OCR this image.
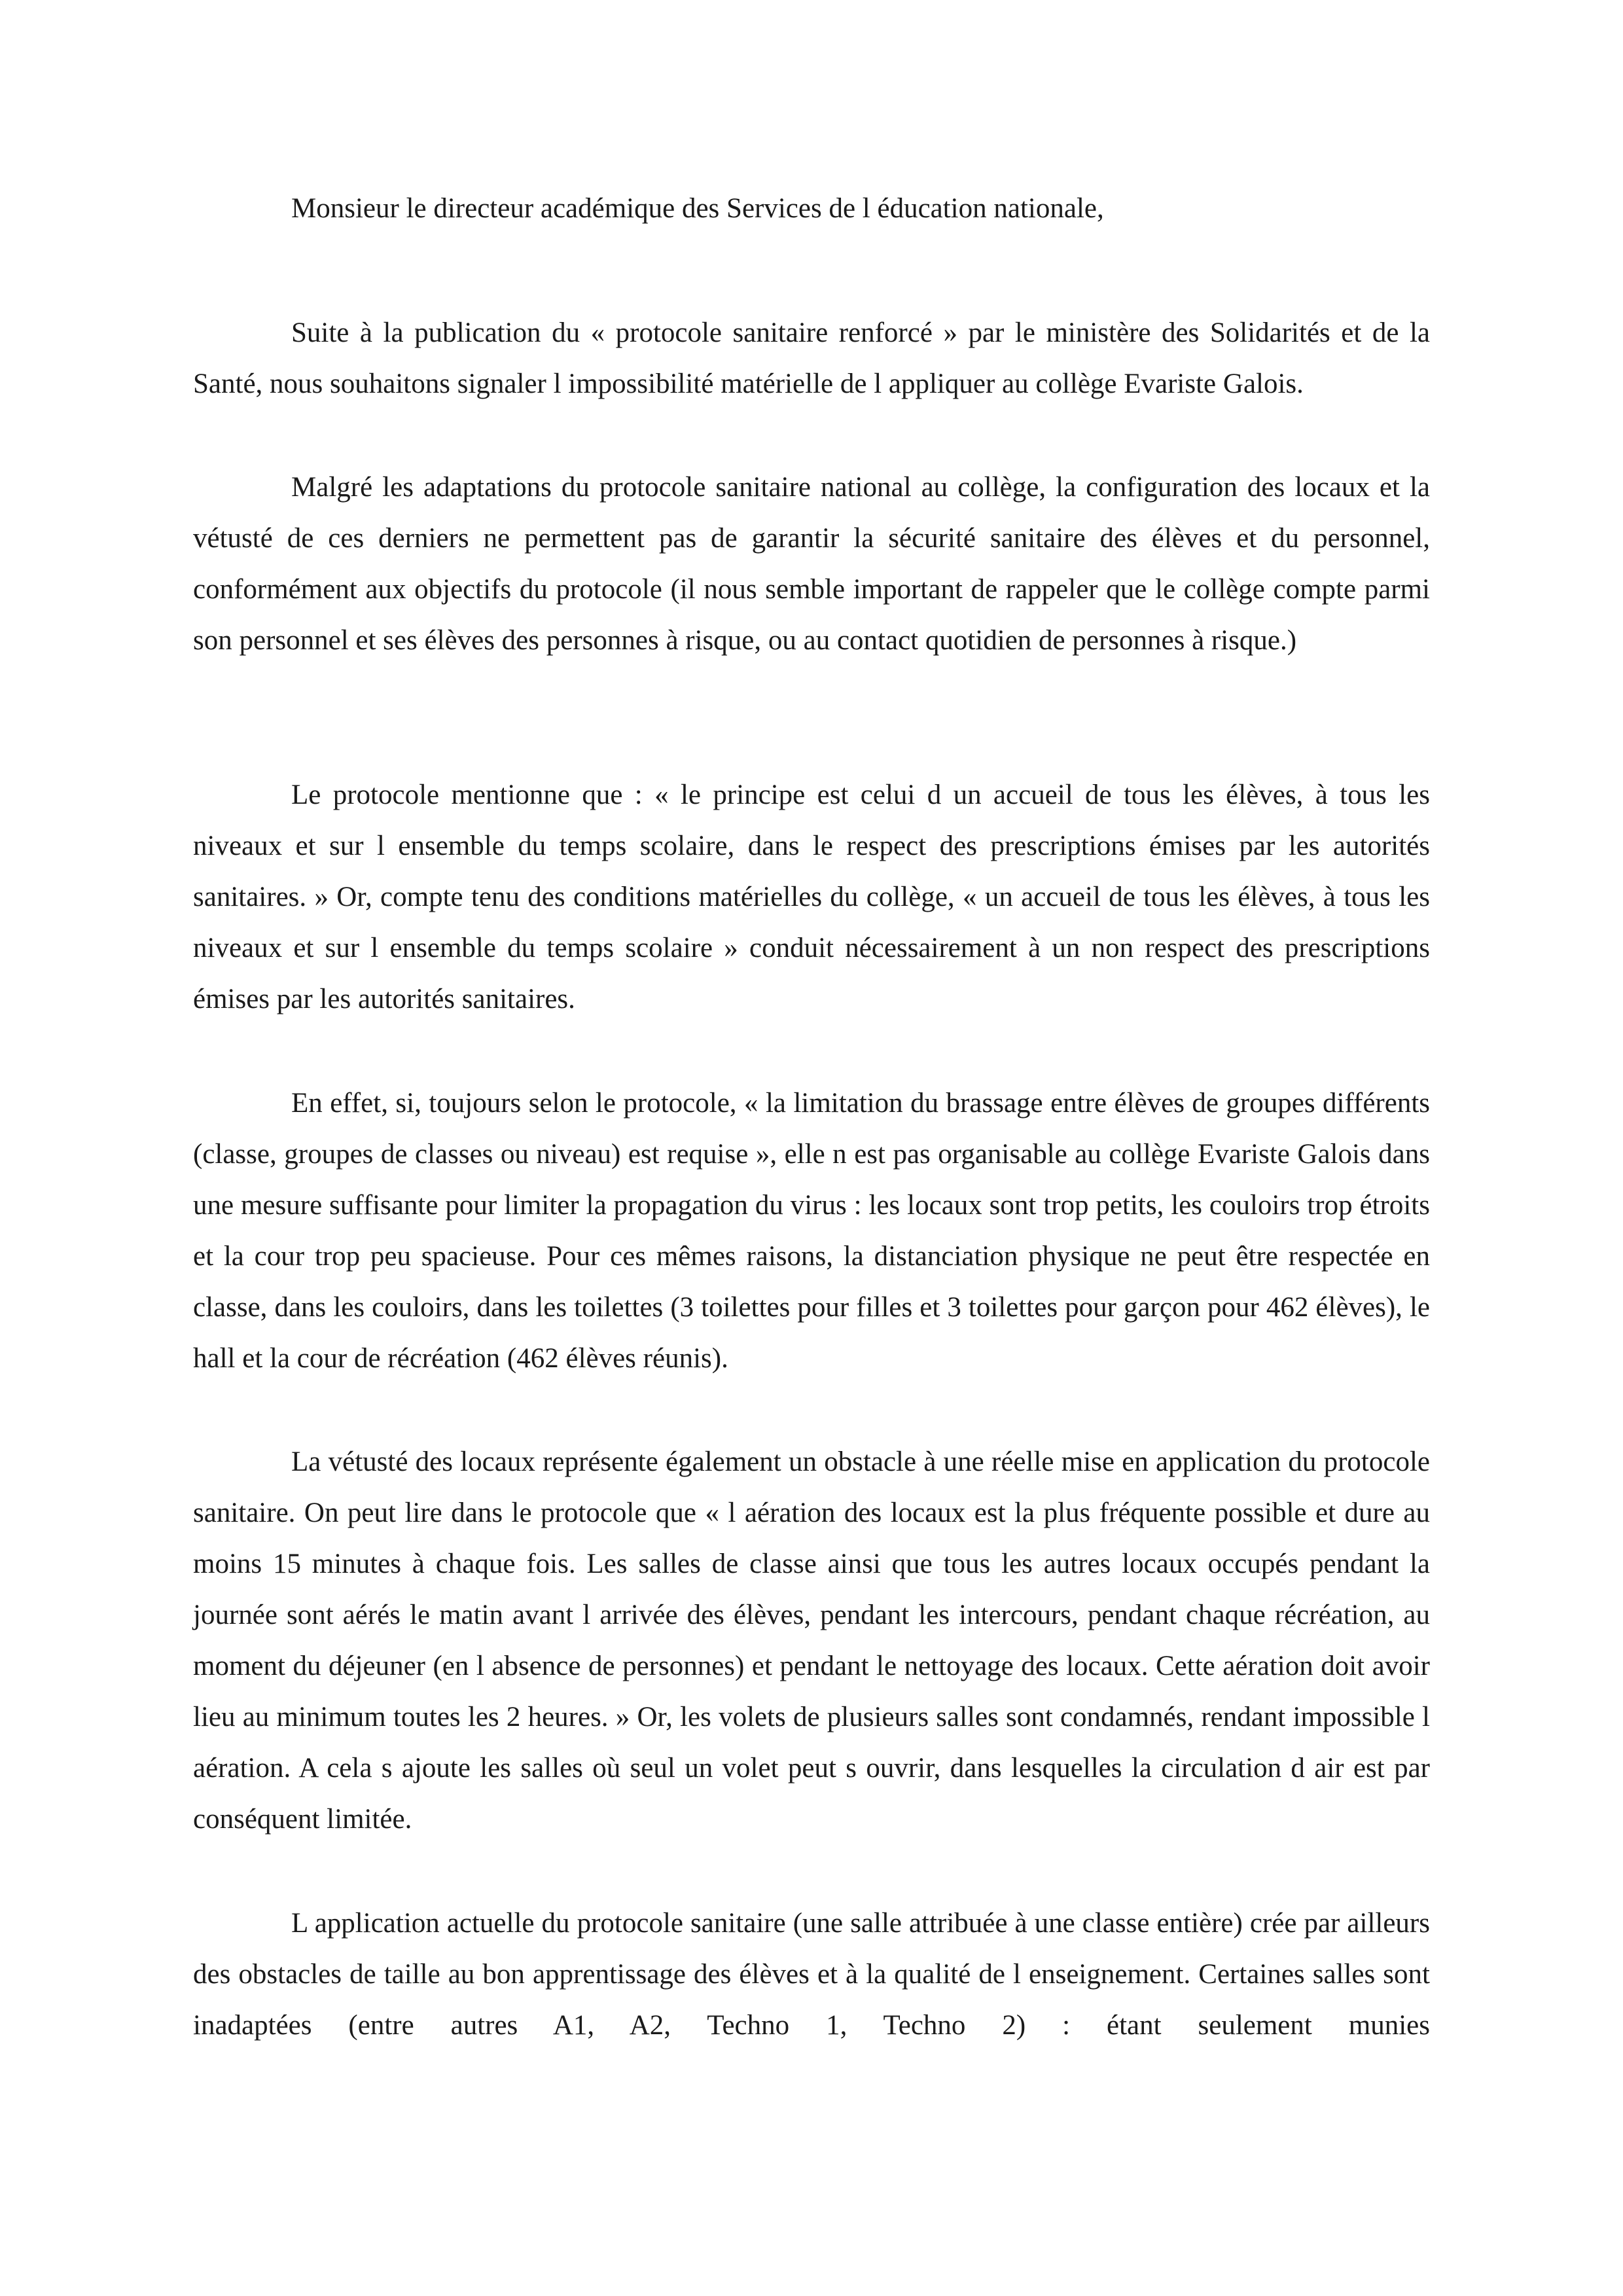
Monsieur le directeur académique des Services de l éducation nationale,

Suite à la publication du « protocole sanitaire renforcé » par le ministère des Solidarités et de la Santé, nous souhaitons signaler l impossibilité matérielle de l appliquer au collège Evariste Galois.

Malgré les adaptations du protocole sanitaire national au collège, la configuration des locaux et la vétusté de ces derniers ne permettent pas de garantir la sécurité sanitaire des élèves et du personnel, conformément aux objectifs du protocole (il nous semble important de rappeler que le collège compte parmi son personnel et ses élèves des personnes à risque, ou au contact quotidien de personnes à risque.)

Le protocole mentionne que : « le principe est celui d un accueil de tous les élèves, à tous les niveaux et sur l ensemble du temps scolaire, dans le respect des prescriptions émises par les autorités sanitaires. » Or, compte tenu des conditions matérielles du collège, « un accueil de tous les élèves, à tous les niveaux et sur l ensemble du temps scolaire » conduit nécessairement à un non respect des prescriptions émises par les autorités sanitaires.

En effet, si, toujours selon le protocole, « la limitation du brassage entre élèves de groupes différents (classe, groupes de classes ou niveau) est requise », elle n est pas organisable au collège Evariste Galois dans une mesure suffisante pour limiter la propagation du virus : les locaux sont trop petits, les couloirs trop étroits et la cour trop peu spacieuse. Pour ces mêmes raisons, la distanciation physique ne peut être respectée en classe, dans les couloirs, dans les toilettes (3 toilettes pour filles et 3 toilettes pour garçon pour 462 élèves), le hall et la cour de récréation (462 élèves réunis).

La vétusté des locaux représente également un obstacle à une réelle mise en application du protocole sanitaire. On peut lire dans le protocole que « l aération des locaux est la plus fréquente possible et dure au moins 15 minutes à chaque fois. Les salles de classe ainsi que tous les autres locaux occupés pendant la journée sont aérés le matin avant l arrivée des élèves, pendant les intercours, pendant chaque récréation, au moment du déjeuner (en l absence de personnes) et pendant le nettoyage des locaux. Cette aération doit avoir lieu au minimum toutes les 2 heures. » Or, les volets de plusieurs salles sont condamnés, rendant impossible l aération. A cela s ajoute les salles où seul un volet peut s ouvrir, dans lesquelles la circulation d air est par conséquent limitée.

L application actuelle du protocole sanitaire (une salle attribuée à une classe entière) crée par ailleurs des obstacles de taille au bon apprentissage des élèves et à la qualité de l enseignement. Certaines salles sont inadaptées (entre autres A1, A2, Techno 1, Techno 2) : étant seulement munies
